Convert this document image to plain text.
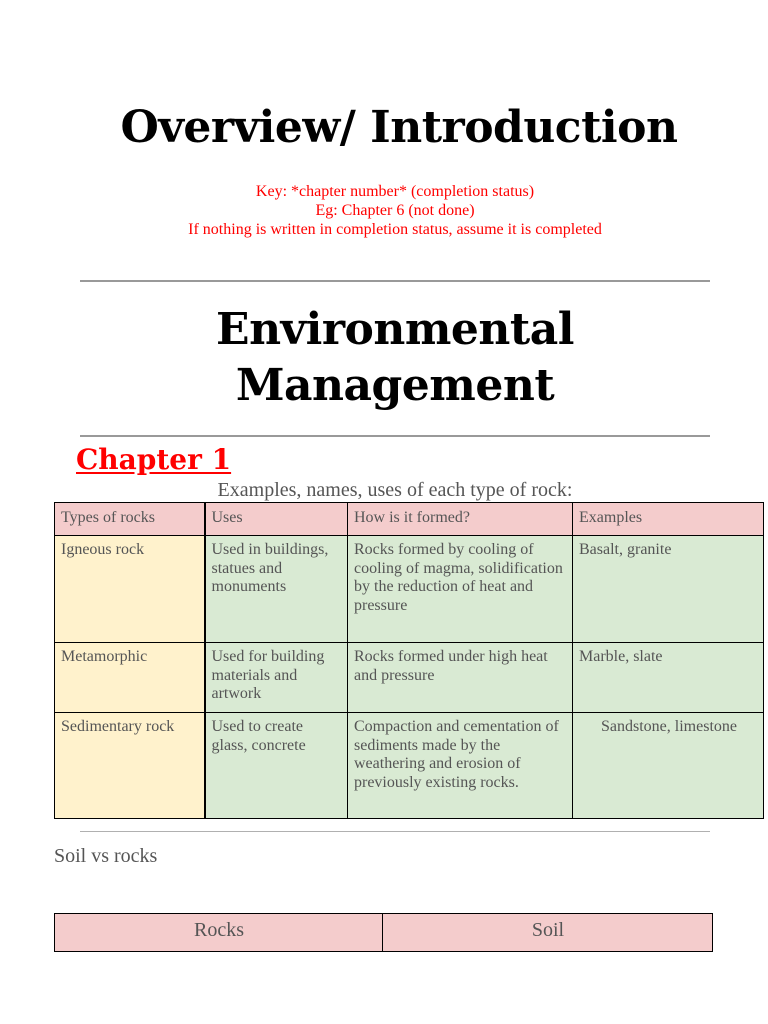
Overview/ Introduction
Key: *chapter number* (completion status)
Eg: Chapter 6 (not done)
If nothing is written in completion status, assume it is completed
Environmental
Management
Chapter 1
Examples, names, uses of each type of rock:
Types of rocks	Uses	How is it formed?	Examples
Igneous rock	Used in buildings, statues and monuments	Rocks formed by cooling of cooling of magma, solidification by the reduction of heat and pressure	Basalt, granite
Metamorphic	Used for building materials and artwork	Rocks formed under high heat and pressure	Marble, slate
Sedimentary rock	Used to create glass, concrete	Compaction and cementation of sediments made by the weathering and erosion of previously existing rocks.	Sandstone, limestone
Soil vs rocks
Rocks	Soil
